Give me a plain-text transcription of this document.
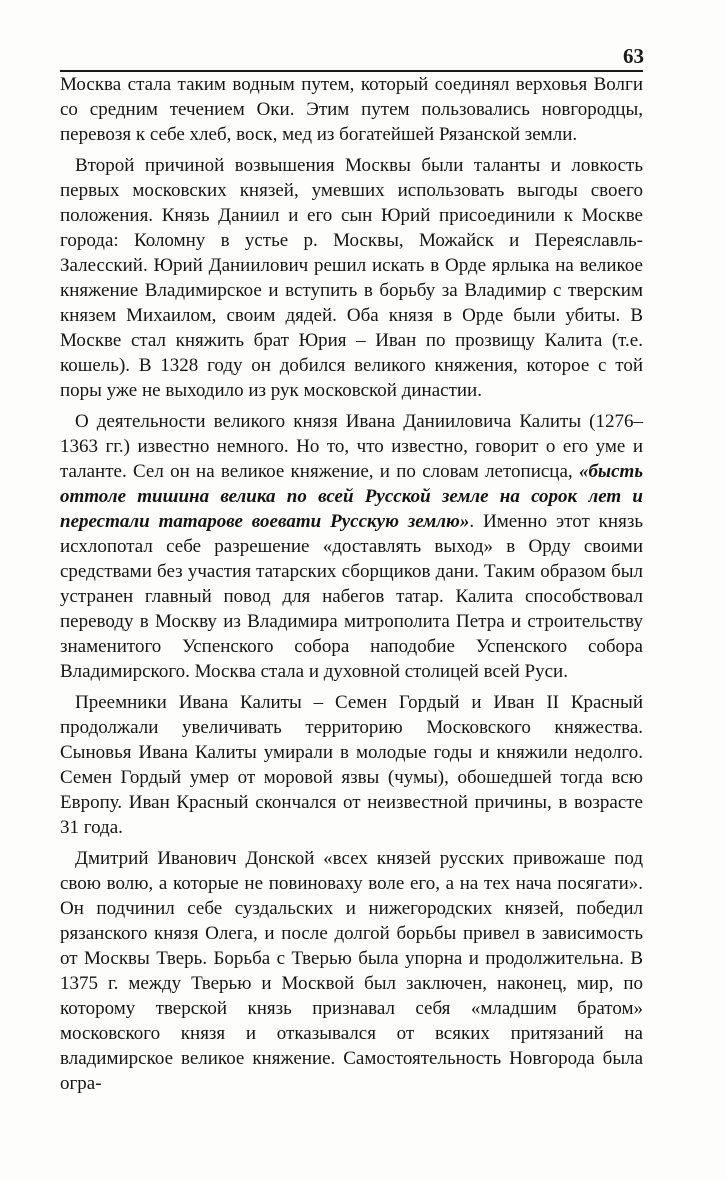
63

Москва стала таким водным путем, который соединял верховья Волги со средним течением Оки. Этим путем пользовались новгородцы, перевозя к себе хлеб, воск, мед из богатейшей Рязанской земли.

Второй причиной возвышения Москвы были таланты и ловкость первых московских князей, умевших использовать выгоды своего положения. Князь Даниил и его сын Юрий присоединили к Москве города: Коломну в устье р. Москвы, Можайск и Переяславль-Залесский. Юрий Даниилович решил искать в Орде ярлыка на великое княжение Владимирское и вступить в борьбу за Владимир с тверским князем Михаилом, своим дядей. Оба князя в Орде были убиты. В Москве стал княжить брат Юрия – Иван по прозвищу Калита (т.е. кошель). В 1328 году он добился великого княжения, которое с той поры уже не выходило из рук московской династии.

О деятельности великого князя Ивана Данииловича Калиты (1276–1363 гг.) известно немного. Но то, что известно, говорит о его уме и таланте. Сел он на великое княжение, и по словам летописца, «бысть оттоле тишина велика по всей Русской земле на сорок лет и перестали татарове воевати Русскую землю». Именно этот князь исхлопотал себе разрешение «доставлять выход» в Орду своими средствами без участия татарских сборщиков дани. Таким образом был устранен главный повод для набегов татар. Калита способствовал переводу в Москву из Владимира митрополита Петра и строительству знаменитого Успенского собора наподобие Успенского собора Владимирского. Москва стала и духовной столицей всей Руси.

Преемники Ивана Калиты – Семен Гордый и Иван II Красный продолжали увеличивать территорию Московского княжества. Сыновья Ивана Калиты умирали в молодые годы и княжили недолго. Семен Гордый умер от моровой язвы (чумы), обошедшей тогда всю Европу. Иван Красный скончался от неизвестной причины, в возрасте 31 года.

Дмитрий Иванович Донской «всех князей русских привожаше под свою волю, а которые не повиноваху воле его, а на тех нача посягати». Он подчинил себе суздальских и нижегородских князей, победил рязанского князя Олега, и после долгой борьбы привел в зависимость от Москвы Тверь. Борьба с Тверью была упорна и продолжительна. В 1375 г. между Тверью и Москвой был заключен, наконец, мир, по которому тверской князь признавал себя «младшим братом» московского князя и отказывался от всяких притязаний на владимирское великое княжение. Самостоятельность Новгорода была огра-
